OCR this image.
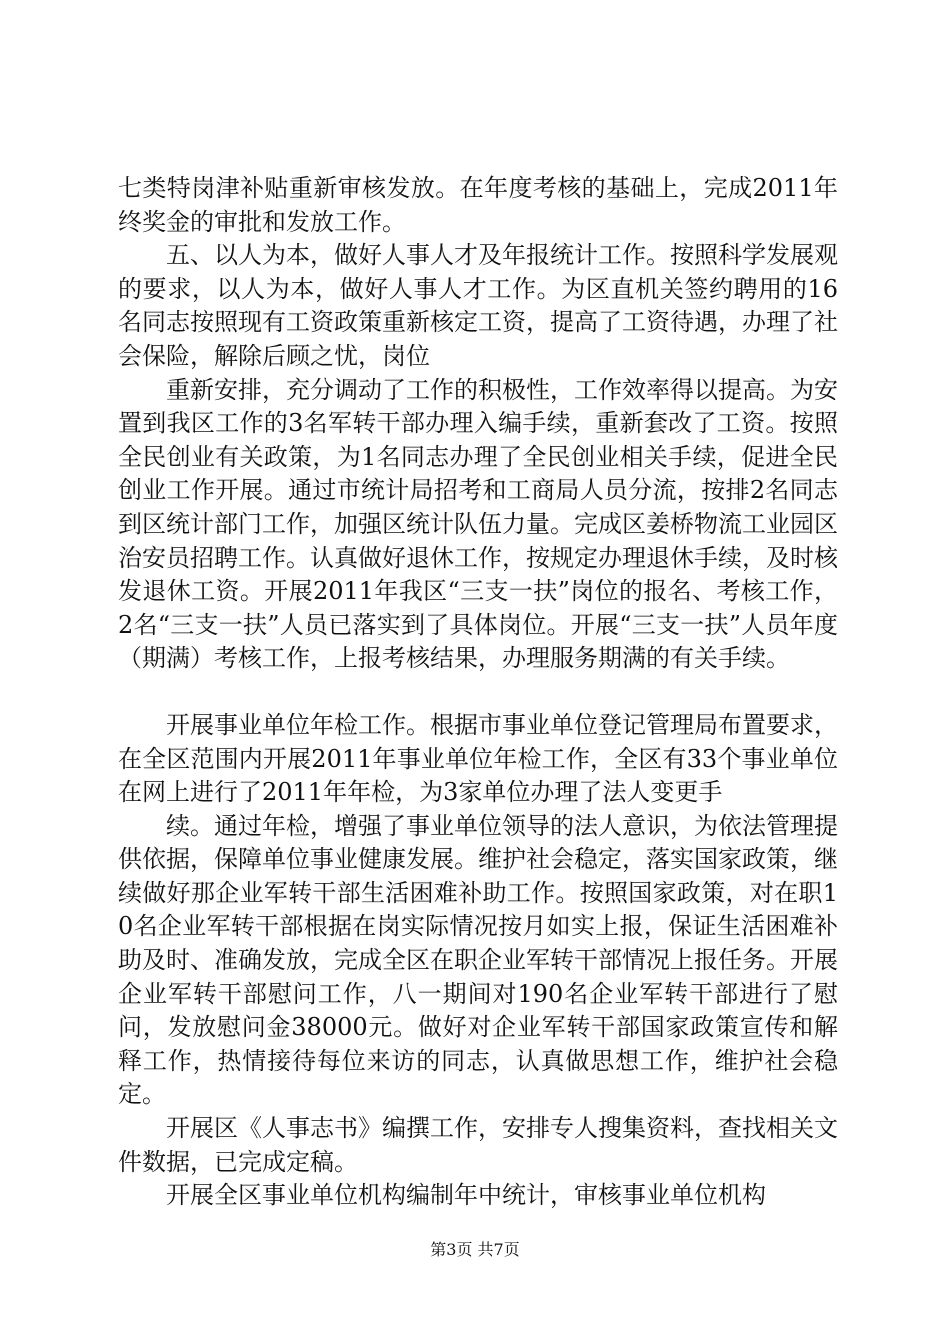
七类特岗津补贴重新审核发放。在年度考核的基础上，完成2011年终奖金的审批和发放工作。

五、以人为本，做好人事人才及年报统计工作。按照科学发展观的要求，以人为本，做好人事人才工作。为区直机关签约聘用的16名同志按照现有工资政策重新核定工资，提高了工资待遇，办理了社会保险，解除后顾之忧，岗位

重新安排，充分调动了工作的积极性，工作效率得以提高。为安置到我区工作的3名军转干部办理入编手续，重新套改了工资。按照全民创业有关政策，为1名同志办理了全民创业相关手续，促进全民创业工作开展。通过市统计局招考和工商局人员分流，按排2名同志到区统计部门工作，加强区统计队伍力量。完成区姜桥物流工业园区治安员招聘工作。认真做好退休工作，按规定办理退休手续，及时核发退休工资。开展2011年我区“三支一扶”岗位的报名、考核工作，2名“三支一扶”人员已落实到了具体岗位。开展“三支一扶”人员年度（期满）考核工作，上报考核结果，办理服务期满的有关手续。

开展事业单位年检工作。根据市事业单位登记管理局布置要求，在全区范围内开展2011年事业单位年检工作，全区有33个事业单位在网上进行了2011年年检，为3家单位办理了法人变更手

续。通过年检，增强了事业单位领导的法人意识，为依法管理提供依据，保障单位事业健康发展。维护社会稳定，落实国家政策，继续做好那企业军转干部生活困难补助工作。按照国家政策，对在职10名企业军转干部根据在岗实际情况按月如实上报，保证生活困难补助及时、准确发放，完成全区在职企业军转干部情况上报任务。开展企业军转干部慰问工作，八一期间对190名企业军转干部进行了慰问，发放慰问金38000元。做好对企业军转干部国家政策宣传和解释工作，热情接待每位来访的同志，认真做思想工作，维护社会稳定。

开展区《人事志书》编撰工作，安排专人搜集资料，查找相关文件数据，已完成定稿。

开展全区事业单位机构编制年中统计，审核事业单位机构

第3页 共7页
